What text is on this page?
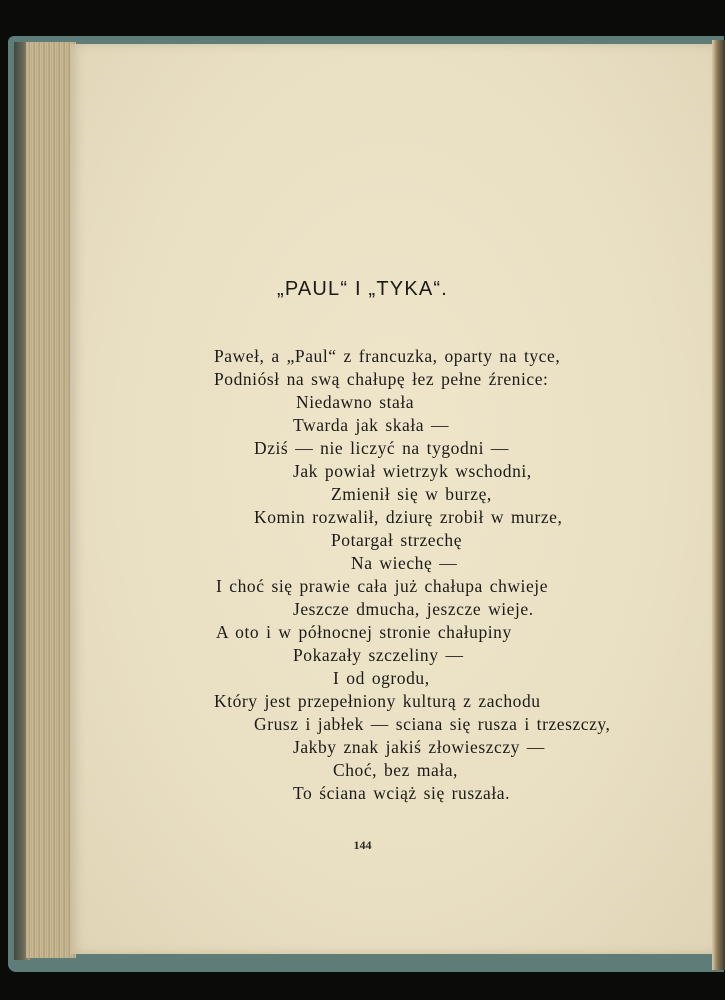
„PAUL“ I „TYKA“.
Paweł, a „Paul“ z francuzka, oparty na tyce,
Podniósł na swą chałupę łez pełne źrenice:
Niedawno stała
Twarda jak skała —
Dziś — nie liczyć na tygodni —
Jak powiał wietrzyk wschodni,
Zmienił się w burzę,
Komin rozwalił, dziurę zrobił w murze,
Potargał strzechę
Na wiechę —
I choć się prawie cała już chałupa chwieje
Jeszcze dmucha, jeszcze wieje.
A oto i w północnej stronie chałupiny
Pokazały szczeliny —
I od ogrodu,
Który jest przepełniony kulturą z zachodu
Grusz i jabłek — sciana się rusza i trzeszczy,
Jakby znak jakiś złowieszczy —
Choć, bez mała,
To ściana wciąż się ruszała.
144
